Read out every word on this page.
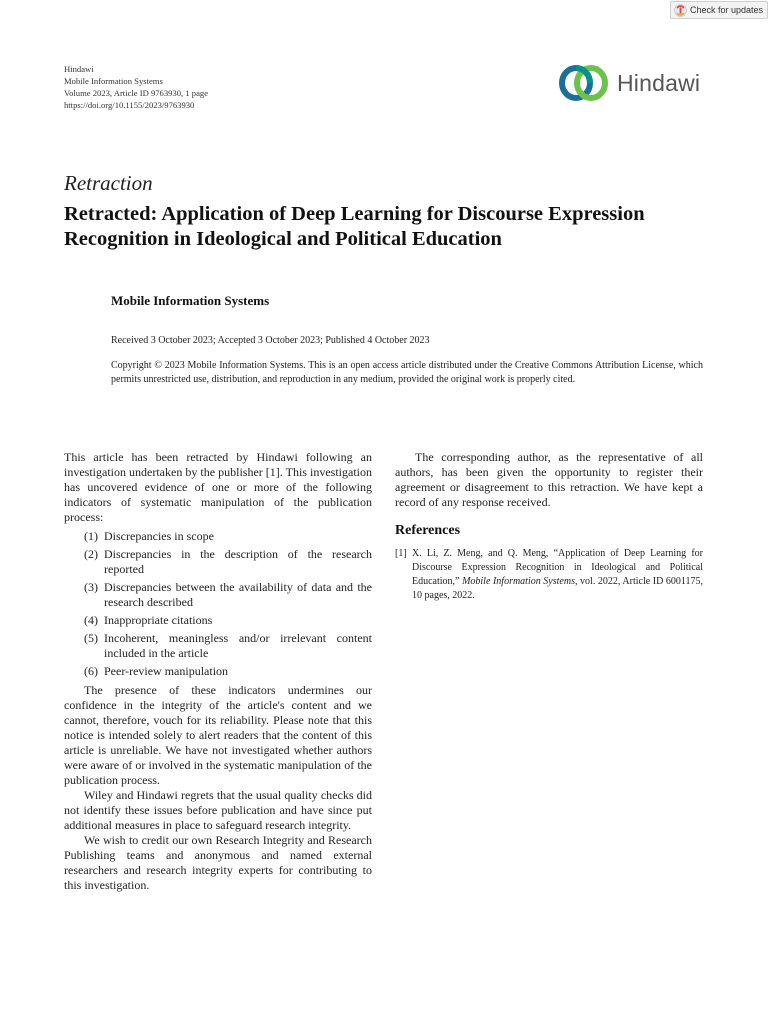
Check for updates
Hindawi
Mobile Information Systems
Volume 2023, Article ID 9763930, 1 page
https://doi.org/10.1155/2023/9763930
Hindawi
Retraction
Retracted: Application of Deep Learning for Discourse Expression Recognition in Ideological and Political Education
Mobile Information Systems
Received 3 October 2023; Accepted 3 October 2023; Published 4 October 2023

Copyright © 2023 Mobile Information Systems. This is an open access article distributed under the Creative Commons Attribution License, which permits unrestricted use, distribution, and reproduction in any medium, provided the original work is properly cited.

This article has been retracted by Hindawi following an investigation undertaken by the publisher [1]. This investigation has uncovered evidence of one or more of the following indicators of systematic manipulation of the publication process:

(1) Discrepancies in scope
(2) Discrepancies in the description of the research reported
(3) Discrepancies between the availability of data and the research described
(4) Inappropriate citations
(5) Incoherent, meaningless and/or irrelevant content included in the article
(6) Peer-review manipulation

The presence of these indicators undermines our confidence in the integrity of the article's content and we cannot, therefore, vouch for its reliability. Please note that this notice is intended solely to alert readers that the content of this article is unreliable. We have not investigated whether authors were aware of or involved in the systematic manipulation of the publication process.

Wiley and Hindawi regrets that the usual quality checks did not identify these issues before publication and have since put additional measures in place to safeguard research integrity.

We wish to credit our own Research Integrity and Research Publishing teams and anonymous and named external researchers and research integrity experts for contributing to this investigation.

The corresponding author, as the representative of all authors, has been given the opportunity to register their agreement or disagreement to this retraction. We have kept a record of any response received.

References
[1] X. Li, Z. Meng, and Q. Meng, “Application of Deep Learning for Discourse Expression Recognition in Ideological and Political Education,” Mobile Information Systems, vol. 2022, Article ID 6001175, 10 pages, 2022.
